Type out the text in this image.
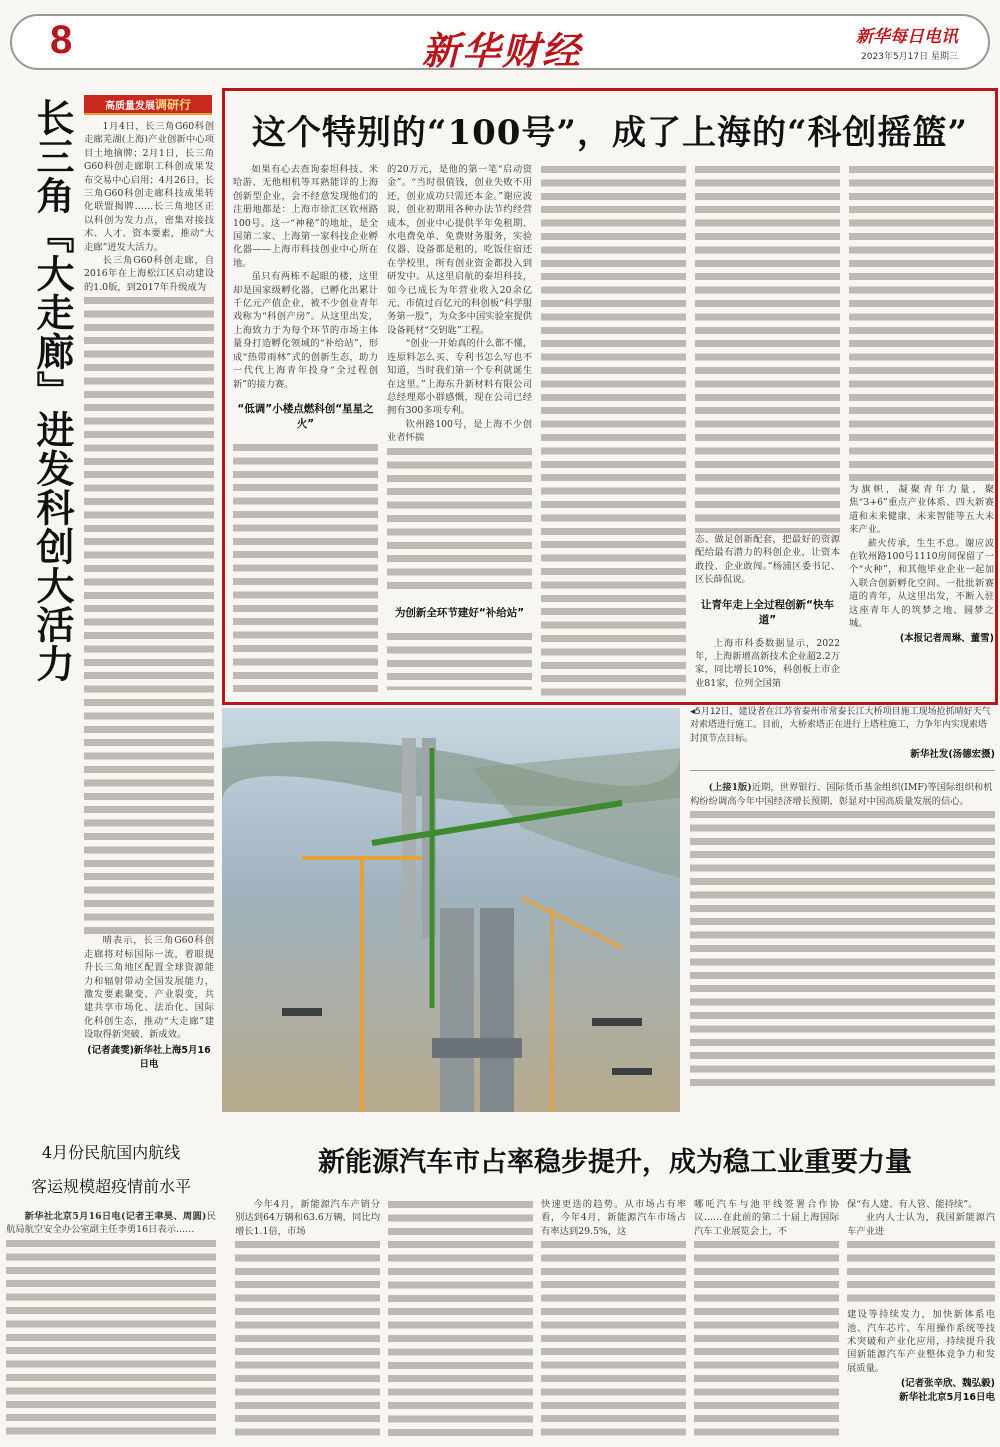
8	新华财经	新华每日电讯
2023年5月17日 星期三
长三角『大走廊』进发科创大活力	高质量发展调研行

1月4日，长三角G60科创走廊芜湖(上海)产业创新中心项目土地摘牌；2月1日，长三角G60科创走廊职工科创成果发布交易中心启用；4月26日，长三角G60科创走廊科技成果转化联盟揭牌……长三角地区正以科创为发力点，密集对接技术、人才、资本要素，推动“大走廊”迸发大活力。

长三角G60科创走廊，自2016年在上海松江区启动建设的1.0版，到2017年升级成为

晴表示，长三角G60科创走廊将对标国际一流，着眼提升长三角地区配置全球资源能力和辐射带动全国发展能力，激发要素聚变、产业裂变，共建共享市场化、法治化、国际化科创生态，推动“大走廊”建设取得新突破、新成效。

(记者龚雯)新华社上海5月16日电
这个特别的“100号”，成了上海的“科创摇篮”

如果有心去查询泰坦科技、米哈游、无他相机等耳熟能详的上海创新型企业，会不经意发现他们的注册地都是：上海市徐汇区钦州路100号。这一“神秘”的地址，是全国第二家、上海第一家科技企业孵化器——上海市科技创业中心所在地。

虽只有两栋不起眼的楼，这里却是国家级孵化器，已孵化出累计千亿元产值企业，被不少创业青年戏称为“科创产房”。从这里出发，上海致力于为每个环节的市场主体量身打造孵化领域的“补给站”，形成“热带雨林”式的创新生态，助力一代代上海青年投身“全过程创新”的接力赛。

“低调”小楼点燃科创“星星之火”

的20万元，是他的第一笔“启动资金”。“当时很值钱，创业失败不用还，创业成功只需还本金。”谢应波说，创业初期用各种办法节约经营成本，创业中心提供半年免租期、水电费免单、免费财务服务，实验仪器、设备都是租的，吃饭住宿还在学校里，所有创业资金都投入到研发中。从这里启航的泰坦科技，如今已成长为年营业收入20余亿元、市值过百亿元的科创板“科学服务第一股”，为众多中国实验室提供设备耗材“交钥匙”工程。

“创业一开始真的什么都不懂，连原料怎么买、专利书怎么写也不知道，当时我们第一个专利就诞生在这里。”上海东升新材料有限公司总经理郑小群感慨，现在公司已经拥有300多项专利。

钦州路100号，是上海不少创业者怀揣

为创新全环节建好“补给站”

态、做足创新配套，把最好的资源配给最有潜力的科创企业，让资本敢投、企业敢闯。”杨浦区委书记、区长薛侃说。

让青年走上全过程创新“快车道”

上海市科委数据显示，2022年，上海新增高新技术企业超2.2万家，同比增长10%，科创板上市企业81家，位列全国第

为旗帜，凝聚青年力量，聚焦“3+6”重点产业体系、四大新赛道和未来健康、未来智能等五大未来产业。

薪火传承，生生不息。谢应波在钦州路100号1110房间保留了一个“火种”，和其他毕业企业一起加入联合创新孵化空间。一批批新赛道的青年，从这里出发，不断入驻这座青年人的筑梦之地、圆梦之城。

(本报记者周琳、董雪)

◀5月12日，建设者在江苏省泰州市常泰长江大桥项目施工现场抢抓晴好天气对索塔进行施工。目前，大桥索塔正在进行上塔柱施工，力争年内实现索塔封顶节点目标。

新华社发(汤德宏摄)

(上接1版)近期，世界银行、国际货币基金组织(IMF)等国际组织和机构纷纷调高今年中国经济增长预期，彰显对中国高质量发展的信心。

4月份民航国内航线
客运规模超疫情前水平

新华社北京5月16日电(记者王聿昊、周圆)民航局航空安全办公室副主任李勇16日表示……

新能源汽车市占率稳步提升，成为稳工业重要力量

今年4月，新能源汽车产销分别达到64万辆和63.6万辆，同比均增长1.1倍，市场

快速更迭的趋势。从市场占有率看，今年4月，新能源汽车市场占有率达到29.5%，这

哪吒汽车与池平线签署合作协议……在此前的第二十届上海国际汽车工业展览会上，不

保“有人建、有人管、能持续”。

业内人士认为，我国新能源汽车产业进

建设等持续发力，加快新体系电池、汽车芯片、车用操作系统等技术突破和产业化应用，持续提升我国新能源汽车产业整体竞争力和发展质量。

(记者张辛欣、魏弘毅)
新华社北京5月16日电
